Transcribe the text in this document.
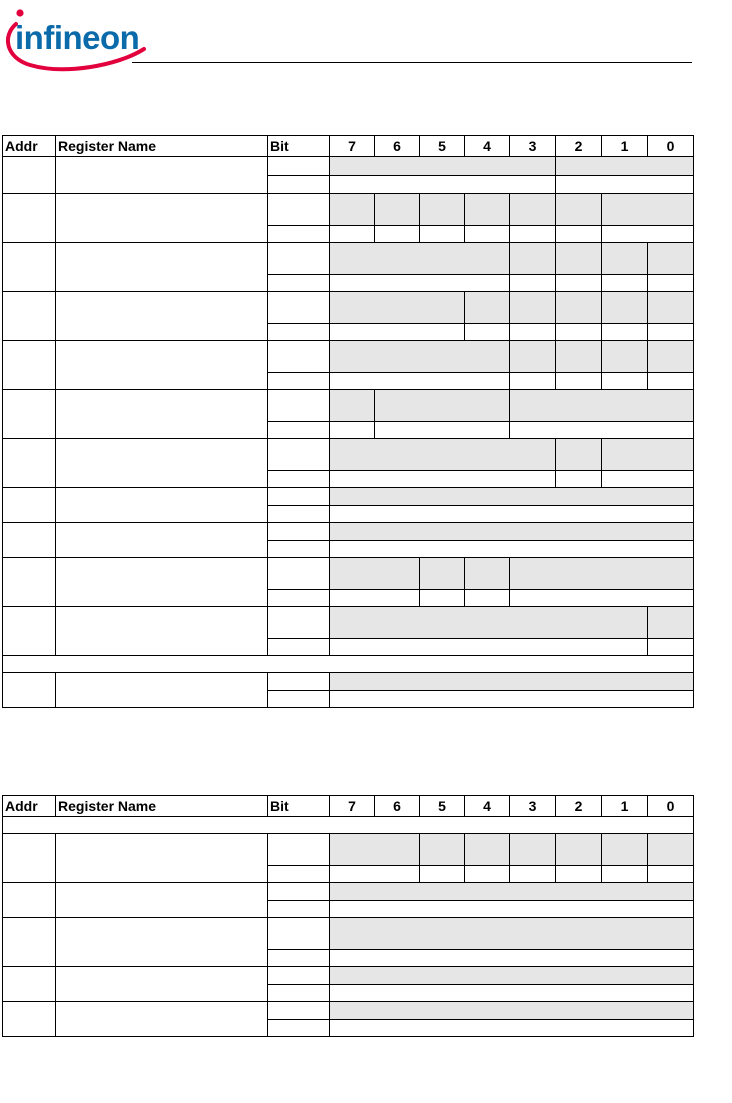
infineon
Addr	Register Name	Bit	7	6	5	4	3	2	1	0

Addr	Register Name	Bit	7	6	5	4	3	2	1	0
